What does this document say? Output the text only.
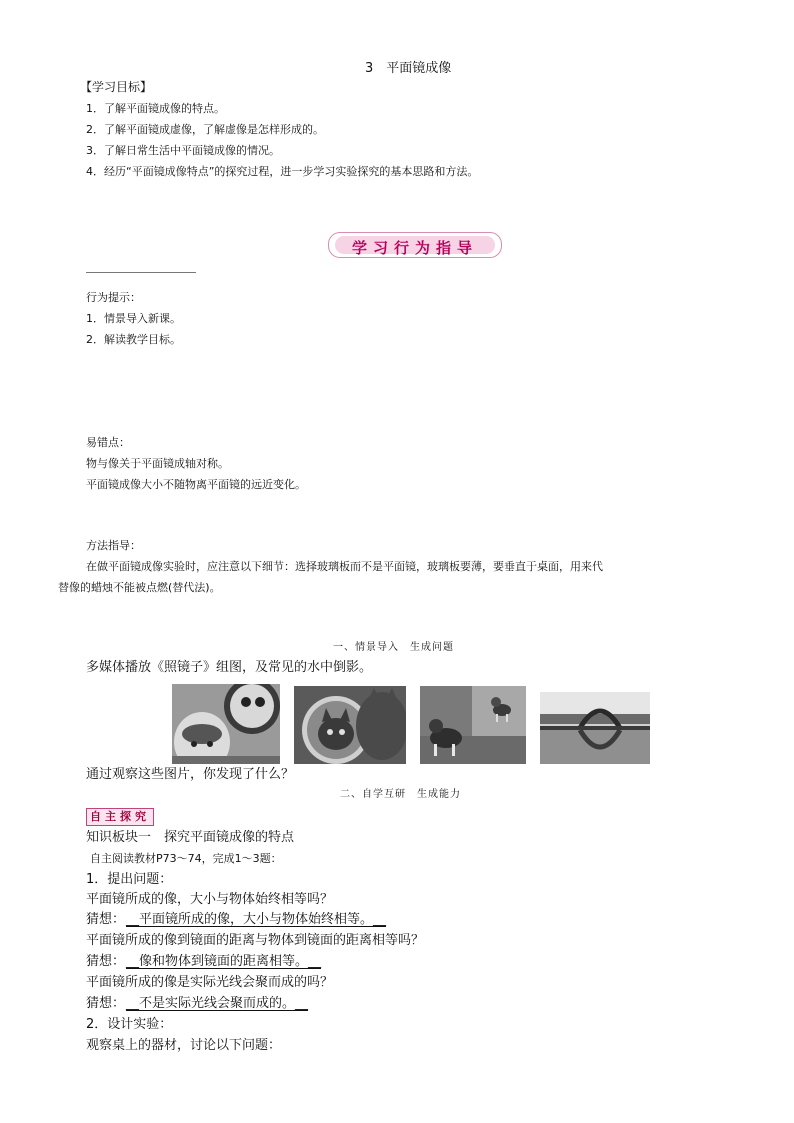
3　平面镜成像
【学习目标】
1．了解平面镜成像的特点。
2．了解平面镜成虚像，了解虚像是怎样形成的。
3．了解日常生活中平面镜成像的情况。
4．经历“平面镜成像特点”的探究过程，进一步学习实验探究的基本思路和方法。
学习行为指导
行为提示：
1．情景导入新课。
2．解读教学目标。
易错点：
物与像关于平面镜成轴对称。
平面镜成像大小不随物离平面镜的远近变化。
方法指导：
在做平面镜成像实验时，应注意以下细节：选择玻璃板而不是平面镜，玻璃板要薄，要垂直于桌面，用来代
替像的蜡烛不能被点燃(替代法)。
一、情景导入　生成问题
多媒体播放《照镜子》组图，及常见的水中倒影。
通过观察这些图片，你发现了什么？
二、自学互研　生成能力
自主探究
知识板块一　探究平面镜成像的特点
自主阅读教材P73～74，完成1～3题：
1．提出问题：
平面镜所成的像，大小与物体始终相等吗？
猜想： __平面镜所成的像，大小与物体始终相等。__
平面镜所成的像到镜面的距离与物体到镜面的距离相等吗？
猜想： __像和物体到镜面的距离相等。__
平面镜所成的像是实际光线会聚而成的吗？
猜想： __不是实际光线会聚而成的。__
2．设计实验：
观察桌上的器材，讨论以下问题：
